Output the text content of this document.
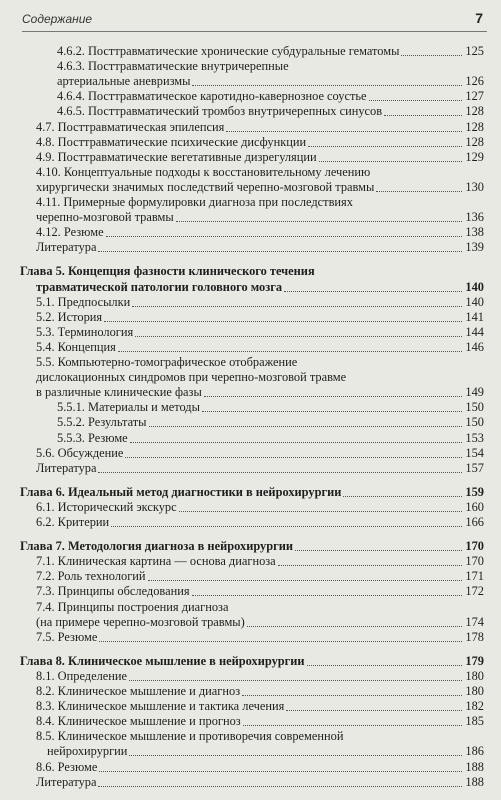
Содержание	7
4.6.2. Посттравматические хронические субдуральные гематомы	125
4.6.3. Посттравматические внутричерепные
артериальные аневризмы	126
4.6.4. Посттравматическое каротидно-кавернозное соустье	127
4.6.5. Посттравматический тромбоз внутричерепных синусов	128
4.7. Посттравматическая эпилепсия	128
4.8. Посттравматические психические дисфункции	128
4.9. Посттравматические вегетативные дизрегуляции	129
4.10. Концептуальные подходы к восстановительному лечению
хирургически значимых последствий черепно-мозговой травмы	130
4.11. Примерные формулировки диагноза при последствиях
черепно-мозговой травмы	136
4.12. Резюме	138
Литература	139
Глава 5. Концепция фазности клинического течения
травматической патологии головного мозга	140
5.1. Предпосылки	140
5.2. История	141
5.3. Терминология	144
5.4. Концепция	146
5.5. Компьютерно-томографическое отображение
дислокационных синдромов при черепно-мозговой травме
в различные клинические фазы	149
5.5.1. Материалы и методы	150
5.5.2. Результаты	150
5.5.3. Резюме	153
5.6. Обсуждение	154
Литература	157
Глава 6. Идеальный метод диагностики в нейрохирургии	159
6.1. Исторический экскурс	160
6.2. Критерии	166
Глава 7. Методология диагноза в нейрохирургии	170
7.1. Клиническая картина — основа диагноза	170
7.2. Роль технологий	171
7.3. Принципы обследования	172
7.4. Принципы построения диагноза
(на примере черепно-мозговой травмы)	174
7.5. Резюме	178
Глава 8. Клиническое мышление в нейрохирургии	179
8.1. Определение	180
8.2. Клиническое мышление и диагноз	180
8.3. Клиническое мышление и тактика лечения	182
8.4. Клиническое мышление и прогноз	185
8.5. Клиническое мышление и противоречия современной
нейрохирургии	186
8.6. Резюме	188
Литература	188
